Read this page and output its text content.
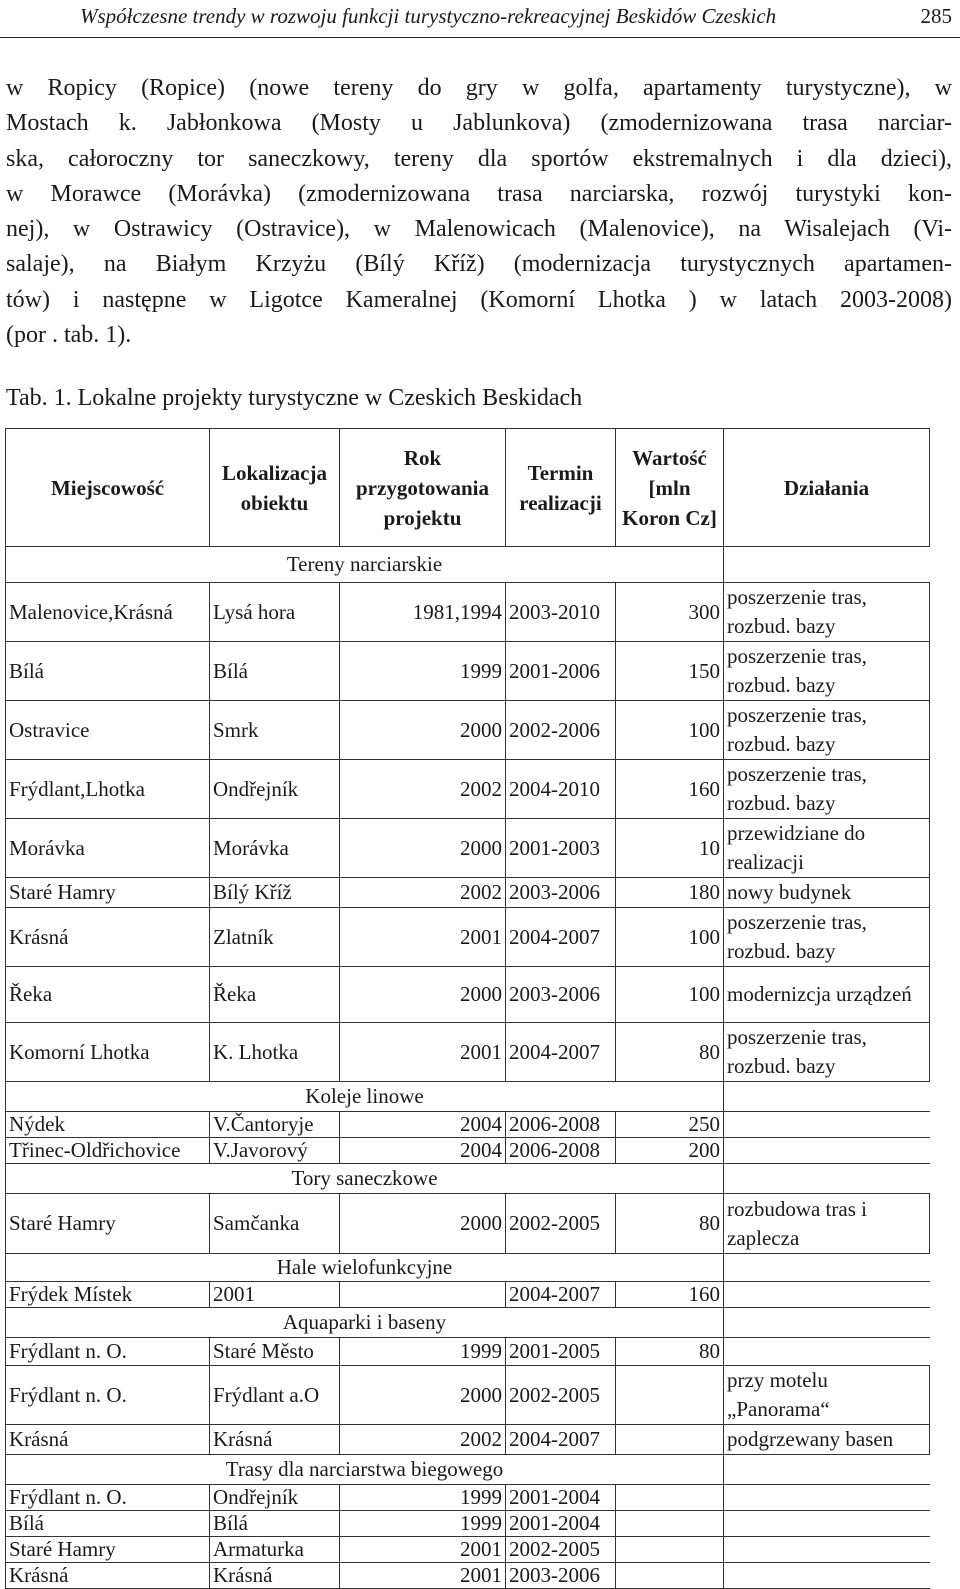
Współczesne trendy w rozwoju funkcji turystyczno-rekreacyjnej Beskidów Czeskich	285

w Ropicy (Ropice) (nowe tereny do gry w golfa, apartamenty turystyczne), w
Mostach k. Jabłonkowa (Mosty u Jablunkova) (zmodernizowana trasa narciar-
ska, całoroczny tor saneczkowy, tereny dla sportów ekstremalnych i dla dzieci),
w Morawce (Morávka) (zmodernizowana trasa narciarska, rozwój turystyki kon-
nej), w Ostrawicy (Ostravice), w Malenowicach (Malenovice), na Wisalejach (Vi-
salaje), na Białym Krzyżu (Bílý Kříž) (modernizacja turystycznych apartamen-
tów) i następne w Ligotce Kameralnej (Komorní Lhotka ) w latach 2003-2008)
(por . tab. 1).

Tab. 1. Lokalne projekty turystyczne w Czeskich Beskidach

Miejscowość	Lokalizacja obiektu	Rok przygotowania projektu	Termin realizacji	Wartość [mln Koron Cz]	Działania
Tereny narciarskie					
Malenovice,Krásná	Lysá hora	1981,1994	2003-2010	300	poszerzenie tras, rozbud. bazy
Bílá	Bílá	1999	2001-2006	150	poszerzenie tras, rozbud. bazy
Ostravice	Smrk	2000	2002-2006	100	poszerzenie tras, rozbud. bazy
Frýdlant,Lhotka	Ondřejník	2002	2004-2010	160	poszerzenie tras, rozbud. bazy
Morávka	Morávka	2000	2001-2003	10	przewidziane do realizacji
Staré Hamry	Bílý Kříž	2002	2003-2006	180	nowy budynek
Krásná	Zlatník	2001	2004-2007	100	poszerzenie tras, rozbud. bazy
Řeka	Řeka	2000	2003-2006	100	modernizcja urządzeń
Komorní Lhotka	K. Lhotka	2001	2004-2007	80	poszerzenie tras, rozbud. bazy
Koleje linowe					
Nýdek	V.Čantoryje	2004	2006-2008	250	
Třinec-Oldřichovice	V.Javorový	2004	2006-2008	200	
Tory saneczkowe					
Staré Hamry	Samčanka	2000	2002-2005	80	rozbudowa tras i zaplecza
Hale wielofunkcyjne					
Frýdek Místek	2001		2004-2007	160	
Aquaparki i baseny					
Frýdlant n. O.	Staré Město	1999	2001-2005	80	
Frýdlant n. O.	Frýdlant a.O	2000	2002-2005		przy motelu „Panorama“
Krásná	Krásná	2002	2004-2007		podgrzewany basen
Trasy dla narciarstwa biegowego					
Frýdlant n. O.	Ondřejník	1999	2001-2004		
Bílá	Bílá	1999	2001-2004		
Staré Hamry	Armaturka	2001	2002-2005		
Krásná	Krásná	2001	2003-2006		
